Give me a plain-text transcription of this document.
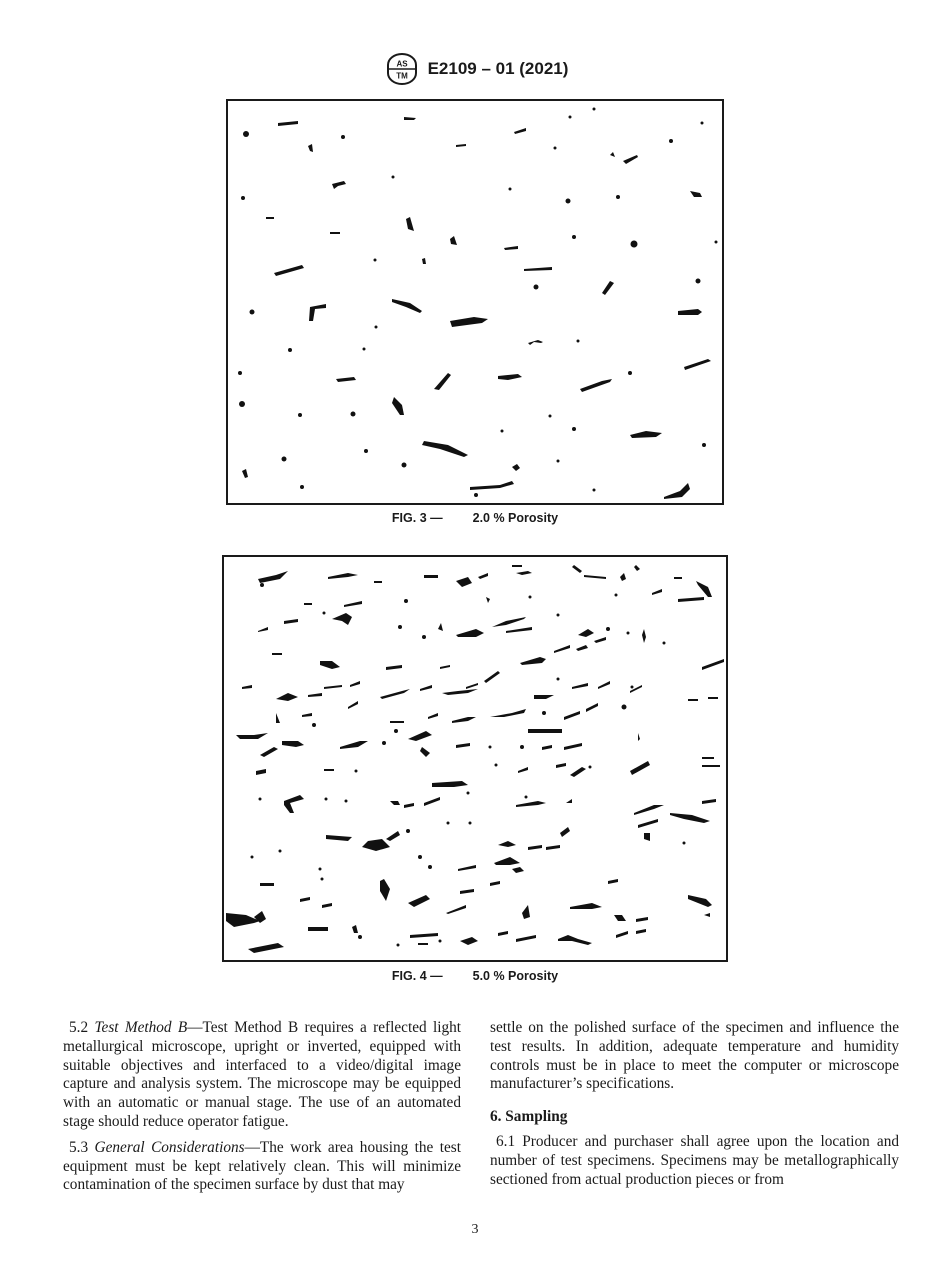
AS
TM E2109 – 01 (2021)
FIG. 3 — 2.0 % Porosity
FIG. 4 — 5.0 % Porosity

5.2 Test Method B—Test Method B requires a reflected light metallurgical microscope, upright or inverted, equipped with suitable objectives and interfaced to a video/digital image capture and analysis system. The microscope may be equipped with an automatic or manual stage. The use of an automated stage should reduce operator fatigue.

5.3 General Considerations—The work area housing the test equipment must be kept relatively clean. This will minimize contamination of the specimen surface by dust that may

settle on the polished surface of the specimen and influence the test results. In addition, adequate temperature and humidity controls must be in place to meet the computer or microscope manufacturer’s specifications.

6. Sampling

6.1 Producer and purchaser shall agree upon the location and number of test specimens. Specimens may be metallographically sectioned from actual production pieces or from

3
